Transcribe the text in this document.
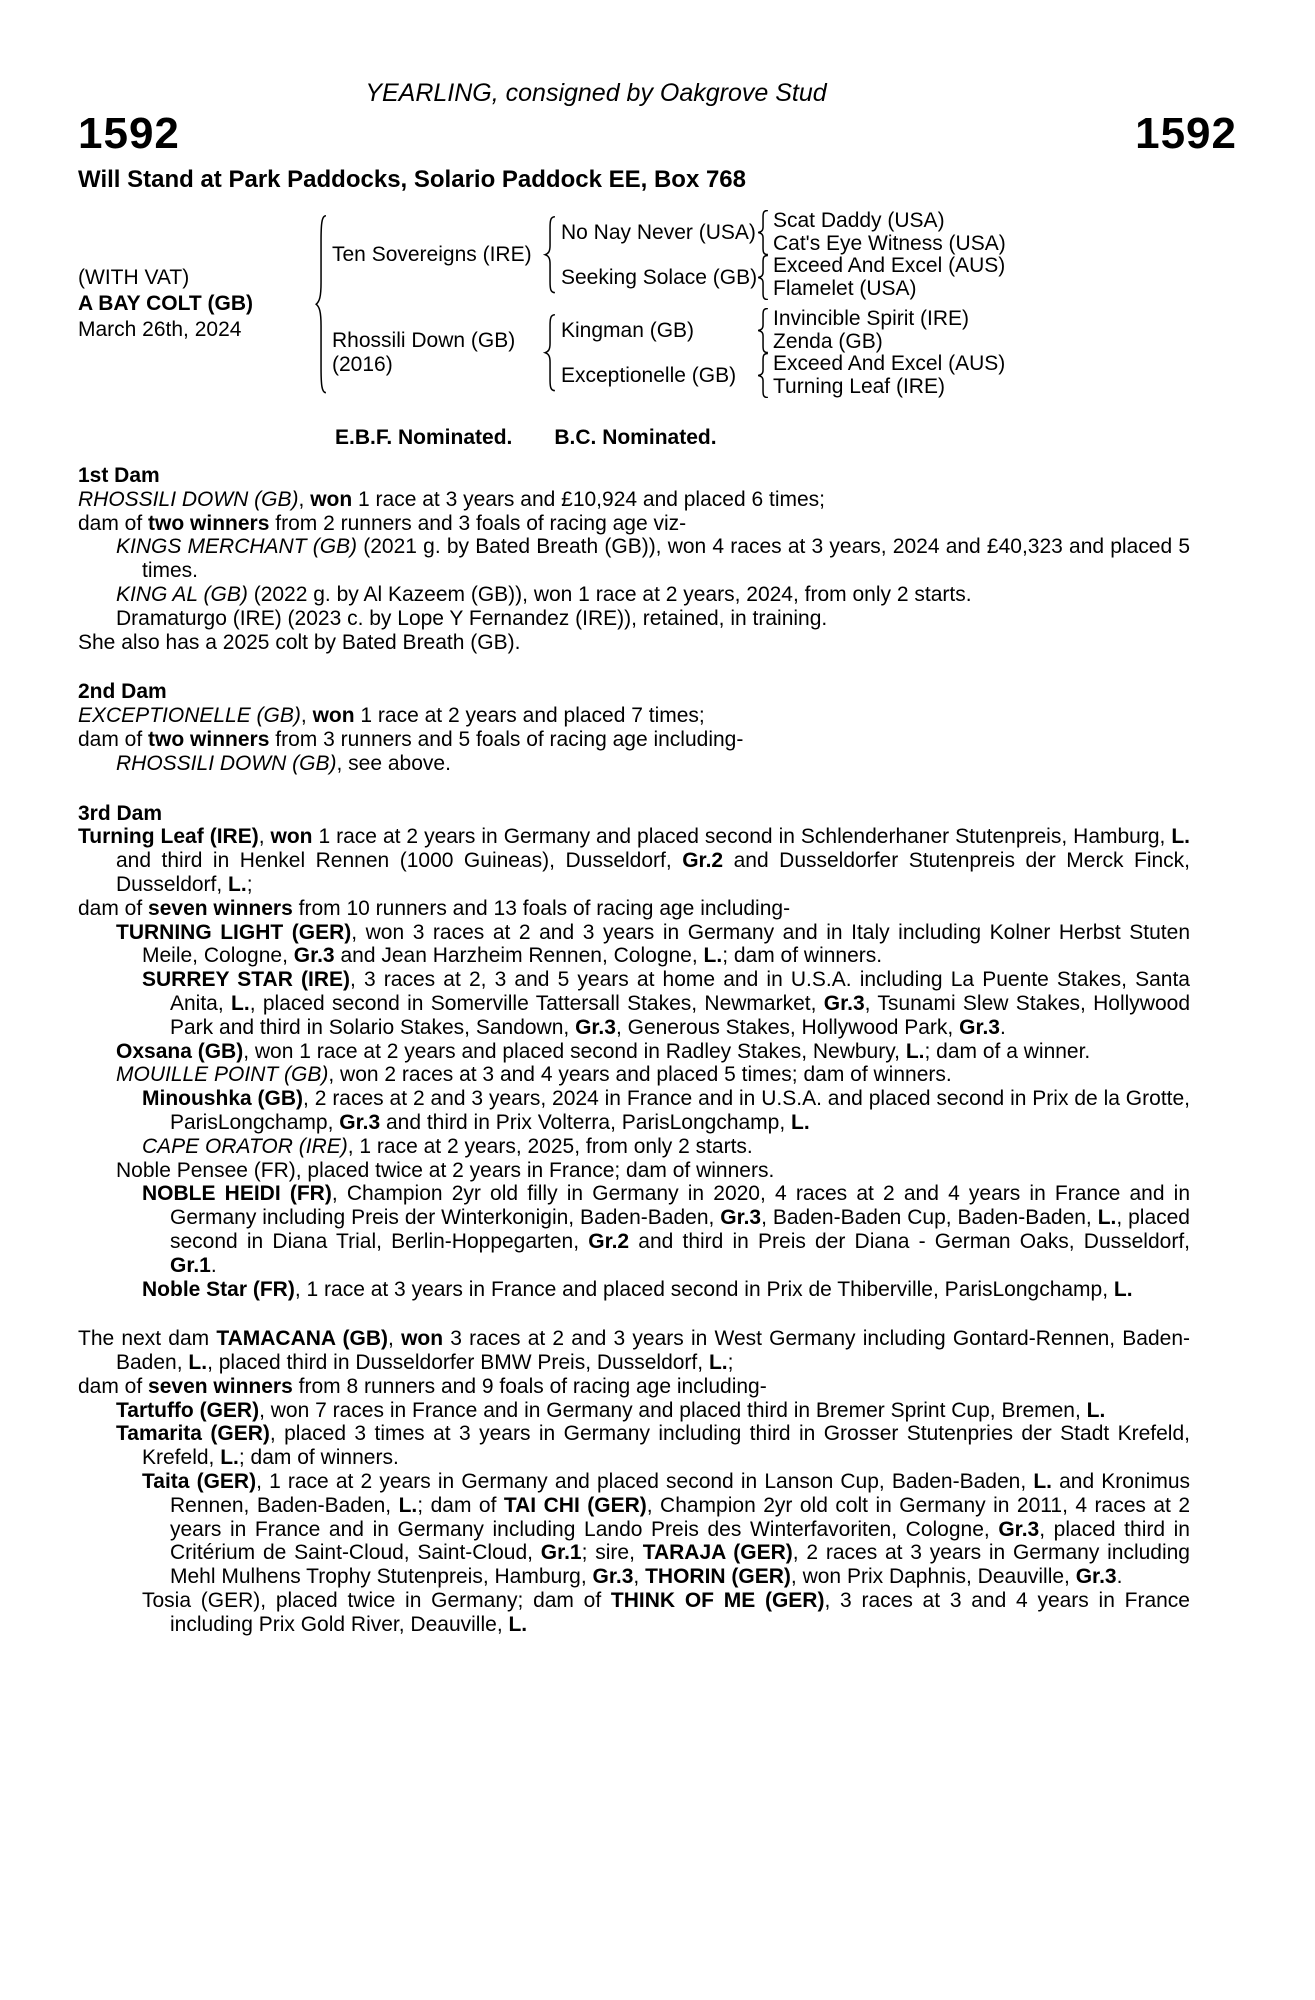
YEARLING, consigned by Oakgrove Stud
1592	1592
Will Stand at Park Paddocks, Solario Paddock EE, Box 768
(WITH VAT)
A BAY COLT (GB)
March 26th, 2024
Ten Sovereigns (IRE)
Rhossili Down (GB)
(2016)
No Nay Never (USA)
Seeking Solace (GB)
Kingman (GB)
Exceptionelle (GB)
Scat Daddy (USA)
Cat's Eye Witness (USA)
Exceed And Excel (AUS)
Flamelet (USA)
Invincible Spirit (IRE)
Zenda (GB)
Exceed And Excel (AUS)
Turning Leaf (IRE)
E.B.F. Nominated. B.C. Nominated.
1st Dam

RHOSSILI DOWN (GB), won 1 race at 3 years and £10,924 and placed 6 times;

dam of two winners from 2 runners and 3 foals of racing age viz-

KINGS MERCHANT (GB) (2021 g. by Bated Breath (GB)), won 4 races at 3 years, 2024 and £40,323 and placed 5 times.

KING AL (GB) (2022 g. by Al Kazeem (GB)), won 1 race at 2 years, 2024, from only 2 starts.

Dramaturgo (IRE) (2023 c. by Lope Y Fernandez (IRE)), retained, in training.

She also has a 2025 colt by Bated Breath (GB).

2nd Dam

EXCEPTIONELLE (GB), won 1 race at 2 years and placed 7 times;

dam of two winners from 3 runners and 5 foals of racing age including-

RHOSSILI DOWN (GB), see above.

3rd Dam

Turning Leaf (IRE), won 1 race at 2 years in Germany and placed second in Schlenderhaner Stutenpreis, Hamburg, L. and third in Henkel Rennen (1000 Guineas), Dusseldorf, Gr.2 and Dusseldorfer Stutenpreis der Merck Finck, Dusseldorf, L.;

dam of seven winners from 10 runners and 13 foals of racing age including-

TURNING LIGHT (GER), won 3 races at 2 and 3 years in Germany and in Italy including Kolner Herbst Stuten Meile, Cologne, Gr.3 and Jean Harzheim Rennen, Cologne, L.; dam of winners.

SURREY STAR (IRE), 3 races at 2, 3 and 5 years at home and in U.S.A. including La Puente Stakes, Santa Anita, L., placed second in Somerville Tattersall Stakes, Newmarket, Gr.3, Tsunami Slew Stakes, Hollywood Park and third in Solario Stakes, Sandown, Gr.3, Generous Stakes, Hollywood Park, Gr.3.

Oxsana (GB), won 1 race at 2 years and placed second in Radley Stakes, Newbury, L.; dam of a winner.

MOUILLE POINT (GB), won 2 races at 3 and 4 years and placed 5 times; dam of winners.

Minoushka (GB), 2 races at 2 and 3 years, 2024 in France and in U.S.A. and placed second in Prix de la Grotte, ParisLongchamp, Gr.3 and third in Prix Volterra, ParisLongchamp, L.

CAPE ORATOR (IRE), 1 race at 2 years, 2025, from only 2 starts.

Noble Pensee (FR), placed twice at 2 years in France; dam of winners.

NOBLE HEIDI (FR), Champion 2yr old filly in Germany in 2020, 4 races at 2 and 4 years in France and in Germany including Preis der Winterkonigin, Baden-Baden, Gr.3, Baden-Baden Cup, Baden-Baden, L., placed second in Diana Trial, Berlin-Hoppegarten, Gr.2 and third in Preis der Diana - German Oaks, Dusseldorf, Gr.1.

Noble Star (FR), 1 race at 3 years in France and placed second in Prix de Thiberville, ParisLongchamp, L.

The next dam TAMACANA (GB), won 3 races at 2 and 3 years in West Germany including Gontard-Rennen, Baden-Baden, L., placed third in Dusseldorfer BMW Preis, Dusseldorf, L.;

dam of seven winners from 8 runners and 9 foals of racing age including-

Tartuffo (GER), won 7 races in France and in Germany and placed third in Bremer Sprint Cup, Bremen, L.

Tamarita (GER), placed 3 times at 3 years in Germany including third in Grosser Stutenpries der Stadt Krefeld, Krefeld, L.; dam of winners.

Taita (GER), 1 race at 2 years in Germany and placed second in Lanson Cup, Baden-Baden, L. and Kronimus Rennen, Baden-Baden, L.; dam of TAI CHI (GER), Champion 2yr old colt in Germany in 2011, 4 races at 2 years in France and in Germany including Lando Preis des Winterfavoriten, Cologne, Gr.3, placed third in Critérium de Saint-Cloud, Saint-Cloud, Gr.1; sire, TARAJA (GER), 2 races at 3 years in Germany including Mehl Mulhens Trophy Stutenpreis, Hamburg, Gr.3, THORIN (GER), won Prix Daphnis, Deauville, Gr.3.

Tosia (GER), placed twice in Germany; dam of THINK OF ME (GER), 3 races at 3 and 4 years in France including Prix Gold River, Deauville, L.
